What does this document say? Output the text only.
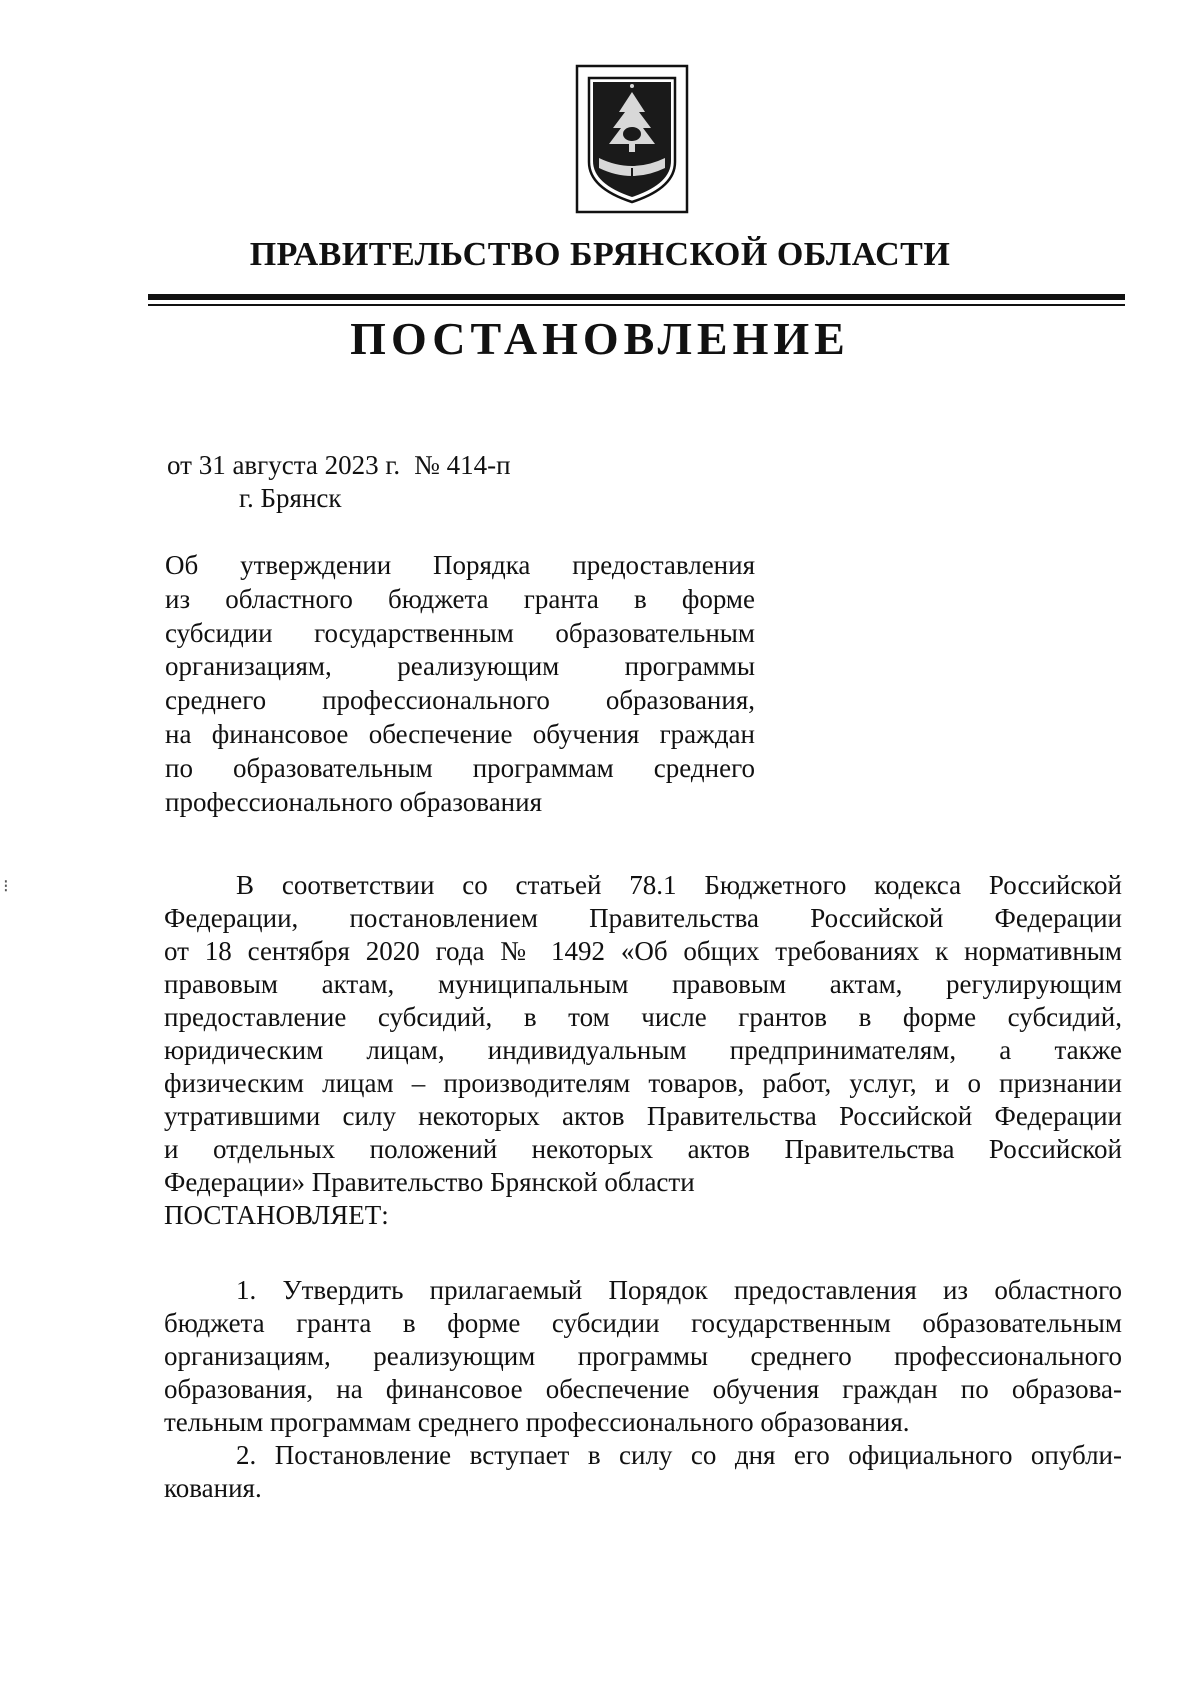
⁝
ПРАВИТЕЛЬСТВО БРЯНСКОЙ ОБЛАСТИ
ПОСТАНОВЛЕНИЕ
от 31 августа 2023 г. № 414-п
г. Брянск
Об утверждении Порядка предоставления
из областного бюджета гранта в форме
субсидии государственным образовательным
организациям, реализующим программы
среднего профессионального образования,
на финансовое обеспечение обучения граждан
по образовательным программам среднего
профессионального образования
В соответствии со статьей 78.1 Бюджетного кодекса Российской
Федерации, постановлением Правительства Российской Федерации
от 18 сентября 2020 года № 1492 «Об общих требованиях к нормативным
правовым актам, муниципальным правовым актам, регулирующим
предоставление субсидий, в том числе грантов в форме субсидий,
юридическим лицам, индивидуальным предпринимателям, а также
физическим лицам – производителям товаров, работ, услуг, и о признании
утратившими силу некоторых актов Правительства Российской Федерации
и отдельных положений некоторых актов Правительства Российской
Федерации» Правительство Брянской области
ПОСТАНОВЛЯЕТ:
1. Утвердить прилагаемый Порядок предоставления из областного
бюджета гранта в форме субсидии государственным образовательным
организациям, реализующим программы среднего профессионального
образования, на финансовое обеспечение обучения граждан по образова-
тельным программам среднего профессионального образования.
2. Постановление вступает в силу со дня его официального опубли-
кования.
